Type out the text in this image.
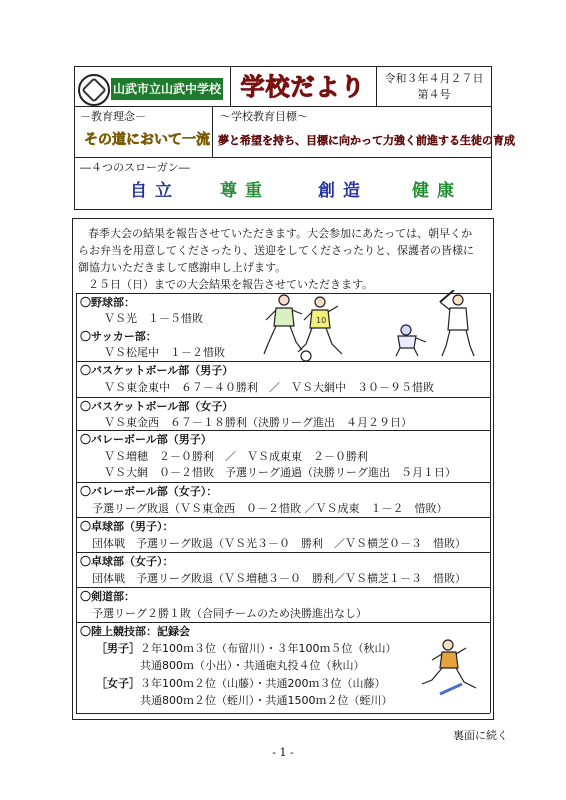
山武市立山武中学校 学校だより	令和３年４月２７日
第４号
－教育理念－
その道において一流
～学校教育目標～
夢と希望を持ち、目標に向かって力強く前進する生徒の育成
―４つのスローガン―
自立	尊重	創造	健康
春季大会の結果を報告させていただきます。大会参加にあたっては、朝早くか
らお弁当を用意してくださったり、送迎をしてくださったりと、保護者の皆様に
御協力いただきまして感謝申し上げます。
２５日（日）までの大会結果を報告させていただきます。
〇野球部：
ＶＳ光　１－５惜敗
〇サッカー部：
ＶＳ松尾中　１－２惜敗
〇バスケットボール部（男子）
ＶＳ東金東中　６７－４０勝利　／　ＶＳ大網中　３０－９５惜敗
〇バスケットボール部（女子）
ＶＳ東金西　６７－１８勝利（決勝リーグ進出　４月２９日）
〇バレーボール部（男子）
ＶＳ増穂　２－０勝利　／　ＶＳ成東東　２－０勝利
ＶＳ大網　０－２惜敗　予選リーグ通過（決勝リーグ進出　５月１日）
〇バレーボール部（女子）：
予選リーグ敗退（ＶＳ東金西　０－２惜敗 ／ＶＳ成東　１－２　惜敗）
〇卓球部（男子）：
団体戦　予選リーグ敗退（ＶＳ光３－０　勝利　／ＶＳ横芝０－３　惜敗）
〇卓球部（女子）：
団体戦　予選リーグ敗退（ＶＳ増穂３－０　勝利／ＶＳ横芝１－３　惜敗）
〇剣道部：
予選リーグ２勝１敗（合同チームのため決勝進出なし）
〇陸上競技部：記録会
［男子］ ２年100ｍ３位（布留川）・３年100ｍ５位（秋山）
共通800ｍ（小出）・共通砲丸投４位（秋山）
［女子］ ３年100ｍ２位（山藤）・共通200ｍ３位（山藤）
共通800ｍ２位（蛭川）・共通1500ｍ２位（蛭川）
10
裏面に続く
- 1 -
